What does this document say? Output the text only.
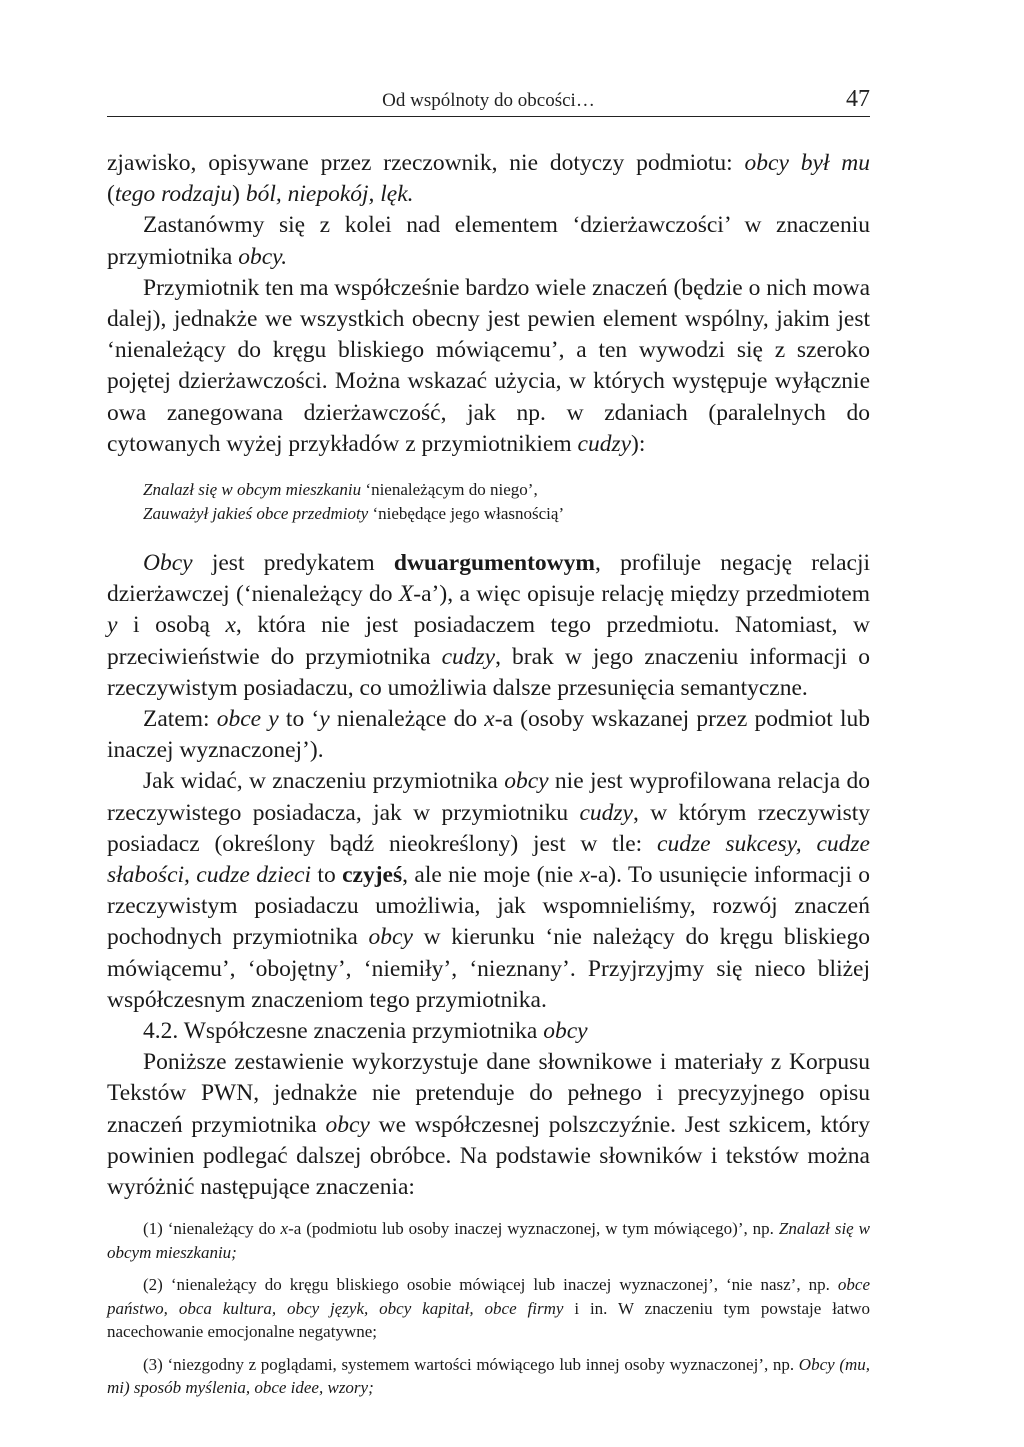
Od wspólnoty do obcości…	47

zjawisko, opisywane przez rzeczownik, nie dotyczy podmiotu: obcy był mu (tego rodzaju) ból, niepokój, lęk.

Zastanówmy się z kolei nad elementem ‘dzierżawczości’ w znaczeniu przymiotnika obcy.

Przymiotnik ten ma współcześnie bardzo wiele znaczeń (będzie o nich mowa dalej), jednakże we wszystkich obecny jest pewien element wspólny, jakim jest ‘nienależący do kręgu bliskiego mówiącemu’, a ten wywodzi się z szeroko pojętej dzierżawczości. Można wskazać użycia, w których występuje wyłącznie owa zanegowana dzierżawczość, jak np. w zdaniach (paralelnych do cytowanych wyżej przykładów z przymiotnikiem cudzy):

Znalazł się w obcym mieszkaniu ‘nienależącym do niego’,

Zauważył jakieś obce przedmioty ‘niebędące jego własnością’

Obcy jest predykatem dwuargumentowym, profiluje negację relacji dzierżawczej (‘nienależący do X-a’), a więc opisuje relację między przedmiotem y i osobą x, która nie jest posiadaczem tego przedmiotu. Natomiast, w przeciwieństwie do przymiotnika cudzy, brak w jego znaczeniu informacji o rzeczywistym posiadaczu, co umożliwia dalsze przesunięcia semantyczne.

Zatem: obce y to ‘y nienależące do x-a (osoby wskazanej przez podmiot lub inaczej wyznaczonej’).

Jak widać, w znaczeniu przymiotnika obcy nie jest wyprofilowana relacja do rzeczywistego posiadacza, jak w przymiotniku cudzy, w którym rzeczywisty posiadacz (określony bądź nieokreślony) jest w tle: cudze sukcesy, cudze słabości, cudze dzieci to czyjeś, ale nie moje (nie x-a). To usunięcie informacji o rzeczywistym posiadaczu umożliwia, jak wspomnieliśmy, rozwój znaczeń pochodnych przymiotnika obcy w kierunku ‘nie należący do kręgu bliskiego mówiącemu’, ‘obojętny’, ‘niemiły’, ‘nieznany’. Przyjrzyjmy się nieco bliżej współczesnym znaczeniom tego przymiotnika.

4.2. Współczesne znaczenia przymiotnika obcy

Poniższe zestawienie wykorzystuje dane słownikowe i materiały z Korpusu Tekstów PWN, jednakże nie pretenduje do pełnego i precyzyjnego opisu znaczeń przymiotnika obcy we współczesnej polszczyźnie. Jest szkicem, który powinien podlegać dalszej obróbce. Na podstawie słowników i tekstów można wyróżnić następujące znaczenia:

(1) ‘nienależący do x-a (podmiotu lub osoby inaczej wyznaczonej, w tym mówiącego)’, np. Znalazł się w obcym mieszkaniu;

(2) ‘nienależący do kręgu bliskiego osobie mówiącej lub inaczej wyznaczonej’, ‘nie nasz’, np. obce państwo, obca kultura, obcy język, obcy kapitał, obce firmy i in. W znaczeniu tym powstaje łatwo nacechowanie emocjonalne negatywne;

(3) ‘niezgodny z poglądami, systemem wartości mówiącego lub innej osoby wyznaczonej’, np. Obcy (mu, mi) sposób myślenia, obce idee, wzory;
